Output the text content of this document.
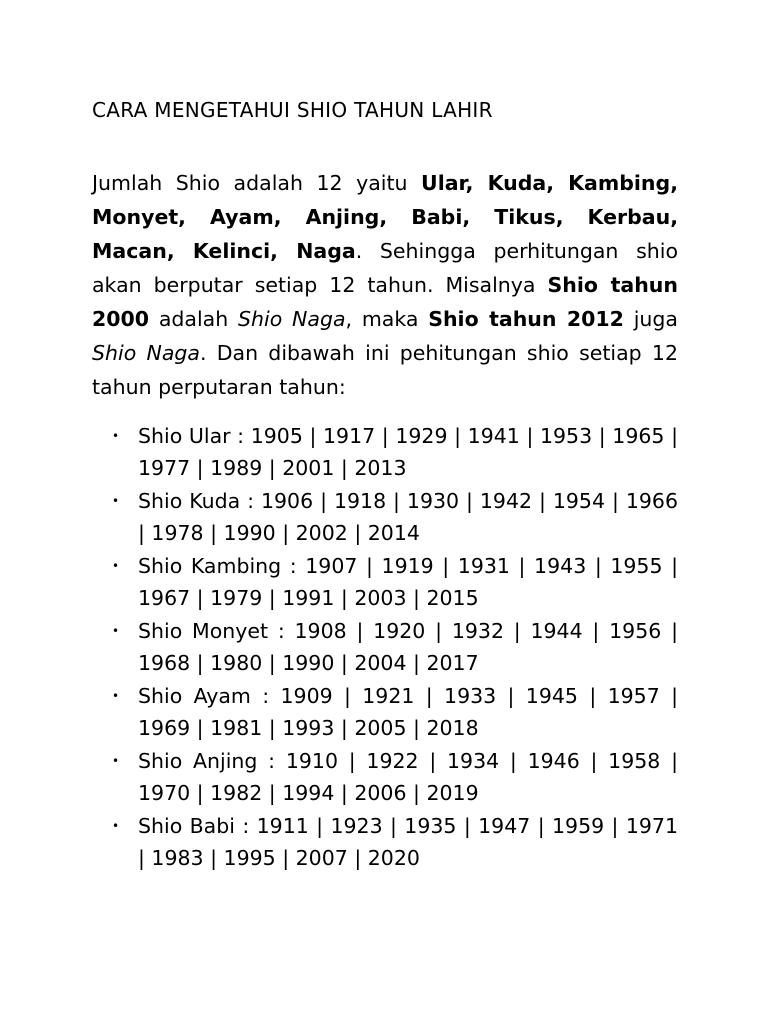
CARA MENGETAHUI SHIO TAHUN LAHIR

Jumlah Shio adalah 12 yaitu Ular, Kuda, Kambing, Monyet, Ayam, Anjing, Babi, Tikus, Kerbau, Macan, Kelinci, Naga. Sehingga perhitungan shio akan berputar setiap 12 tahun. Misalnya Shio tahun 2000 adalah Shio Naga, maka Shio tahun 2012 juga Shio Naga. Dan dibawah ini pehitungan shio setiap 12 tahun perputaran tahun:

• Shio Ular : 1905 | 1917 | 1929 | 1941 | 1953 | 1965 | 1977 | 1989 | 2001 | 2013
• Shio Kuda : 1906 | 1918 | 1930 | 1942 | 1954 | 1966 | 1978 | 1990 | 2002 | 2014
• Shio Kambing : 1907 | 1919 | 1931 | 1943 | 1955 | 1967 | 1979 | 1991 | 2003 | 2015
• Shio Monyet : 1908 | 1920 | 1932 | 1944 | 1956 | 1968 | 1980 | 1990 | 2004 | 2017
• Shio Ayam : 1909 | 1921 | 1933 | 1945 | 1957 | 1969 | 1981 | 1993 | 2005 | 2018
• Shio Anjing : 1910 | 1922 | 1934 | 1946 | 1958 | 1970 | 1982 | 1994 | 2006 | 2019
• Shio Babi : 1911 | 1923 | 1935 | 1947 | 1959 | 1971 | 1983 | 1995 | 2007 | 2020
